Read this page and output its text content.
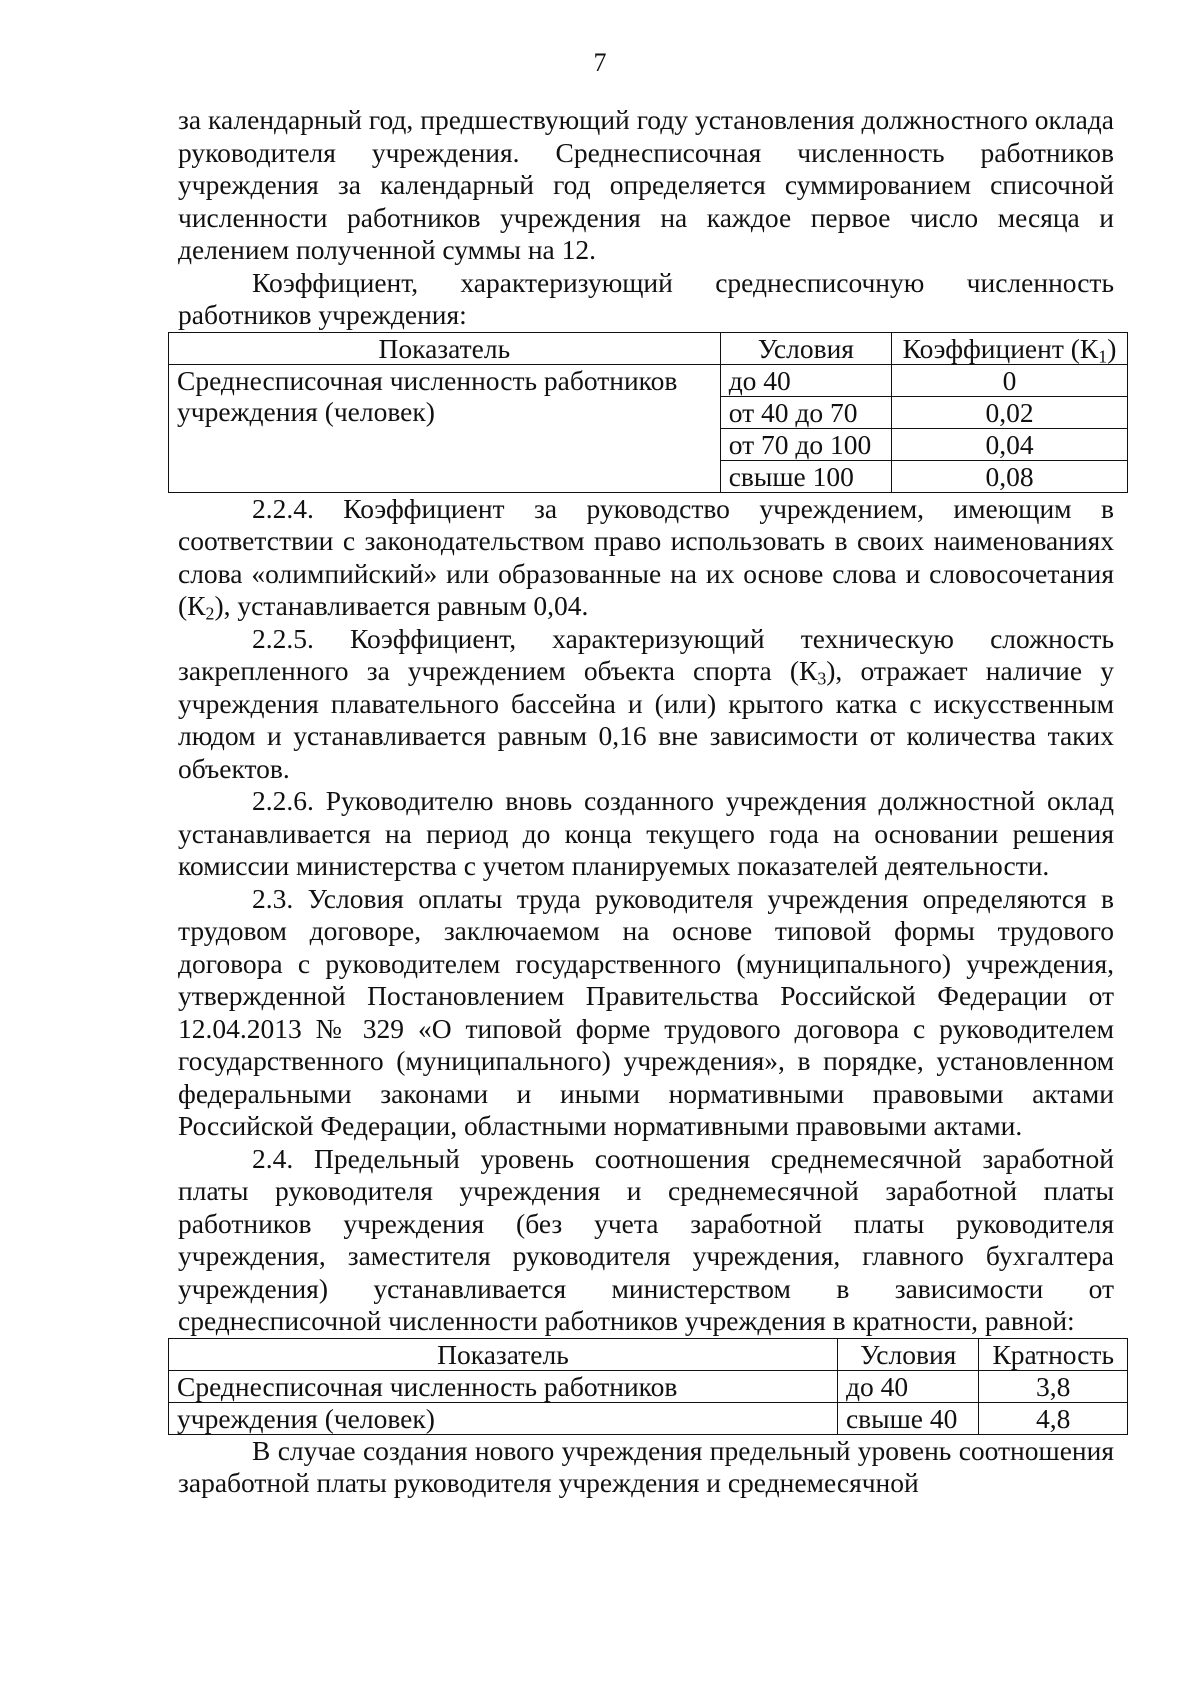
7

за календарный год, предшествующий году установления должностного оклада руководителя учреждения. Среднесписочная численность работников учреждения за календарный год определяется суммированием списочной численности работников учреждения на каждое первое число месяца и делением полученной суммы на 12.

Коэффициент, характеризующий среднесписочную численность работников учреждения:

Показатель	Условия	Коэффициент $(К_1)$
Среднесписочная численность работников учреждения (человек)	до 40	0
	от 40 до 70	0,02
	от 70 до 100	0,04
	свыше 100	0,08

2.2.4. Коэффициент за руководство учреждением, имеющим в соответствии с законодательством право использовать в своих наименованиях слова «олимпийский» или образованные на их основе слова и словосочетания $(К_2)$, устанавливается равным 0,04.

2.2.5. Коэффициент, характеризующий техническую сложность закрепленного за учреждением объекта спорта $(К_3)$, отражает наличие у учреждения плавательного бассейна и (или) крытого катка с искусственным людом и устанавливается равным 0,16 вне зависимости от количества таких объектов.

2.2.6. Руководителю вновь созданного учреждения должностной оклад устанавливается на период до конца текущего года на основании решения комиссии министерства с учетом планируемых показателей деятельности.

2.3. Условия оплаты труда руководителя учреждения определяются в трудовом договоре, заключаемом на основе типовой формы трудового договора с руководителем государственного (муниципального) учреждения, утвержденной Постановлением Правительства Российской Федерации от 12.04.2013 № 329 «О типовой форме трудового договора с руководителем государственного (муниципального) учреждения», в порядке, установленном федеральными законами и иными нормативными правовыми актами Российской Федерации, областными нормативными правовыми актами.

2.4. Предельный уровень соотношения среднемесячной заработной платы руководителя учреждения и среднемесячной заработной платы работников учреждения (без учета заработной платы руководителя учреждения, заместителя руководителя учреждения, главного бухгалтера учреждения) устанавливается министерством в зависимости от среднесписочной численности работников учреждения в кратности, равной:

Показатель	Условия	Кратность
Среднесписочная численность работников	до 40	3,8
учреждения (человек)	свыше 40	4,8

В случае создания нового учреждения предельный уровень соотношения заработной платы руководителя учреждения и среднемесячной
